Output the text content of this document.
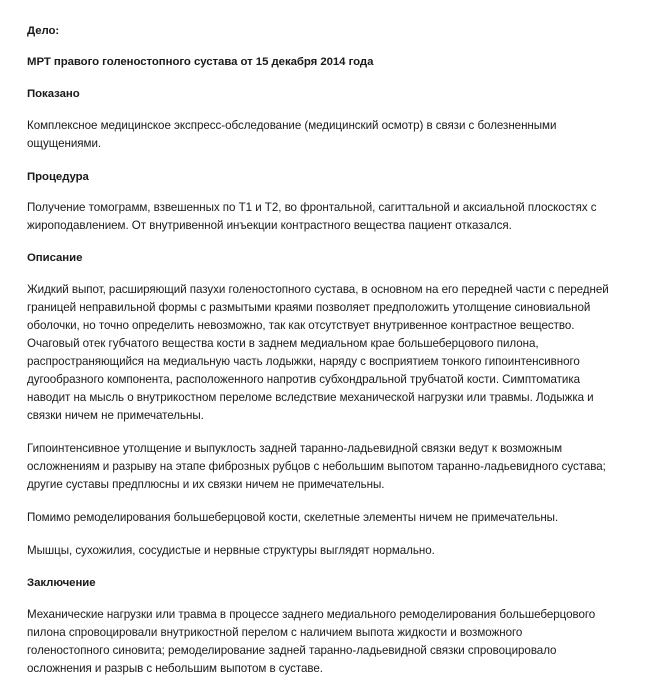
Дело:
МРТ правого голеностопного сустава от 15 декабря 2014 года
Показано
Комплексное медицинское экспресс-обследование (медицинский осмотр) в связи с болезненными
ощущениями.
Процедура
Получение томограмм, взвешенных по Т1 и Т2, во фронтальной, сагиттальной и аксиальной плоскостях с
жироподавлением. От внутривенной инъекции контрастного вещества пациент отказался.
Описание
Жидкий выпот, расширяющий пазухи голеностопного сустава, в основном на его передней части с передней
границей неправильной формы с размытыми краями позволяет предположить утолщение синовиальной
оболочки, но точно определить невозможно, так как отсутствует внутривенное контрастное вещество.
Очаговый отек губчатого вещества кости в заднем медиальном крае большеберцового пилона,
распространяющийся на медиальную часть лодыжки, наряду с восприятием тонкого гипоинтенсивного
дугообразного компонента, расположенного напротив субхондральной трубчатой кости. Симптоматика
наводит на мысль о внутрикостном переломе вследствие механической нагрузки или травмы. Лодыжка и
связки ничем не примечательны.
Гипоинтенсивное утолщение и выпуклость задней таранно-ладьевидной связки ведут к возможным
осложнениям и разрыву на этапе фиброзных рубцов с небольшим выпотом таранно-ладьевидного сустава;
другие суставы предплюсны и их связки ничем не примечательны.
Помимо ремоделирования большеберцовой кости, скелетные элементы ничем не примечательны.
Мышцы, сухожилия, сосудистые и нервные структуры выглядят нормально.
Заключение
Механические нагрузки или травма в процессе заднего медиального ремоделирования большеберцового
пилона спровоцировали внутрикостной перелом с наличием выпота жидкости и возможного
голеностопного синовита; ремоделирование задней таранно-ладьевидной связки спровоцировало
осложнения и разрыв с небольшим выпотом в суставе.
